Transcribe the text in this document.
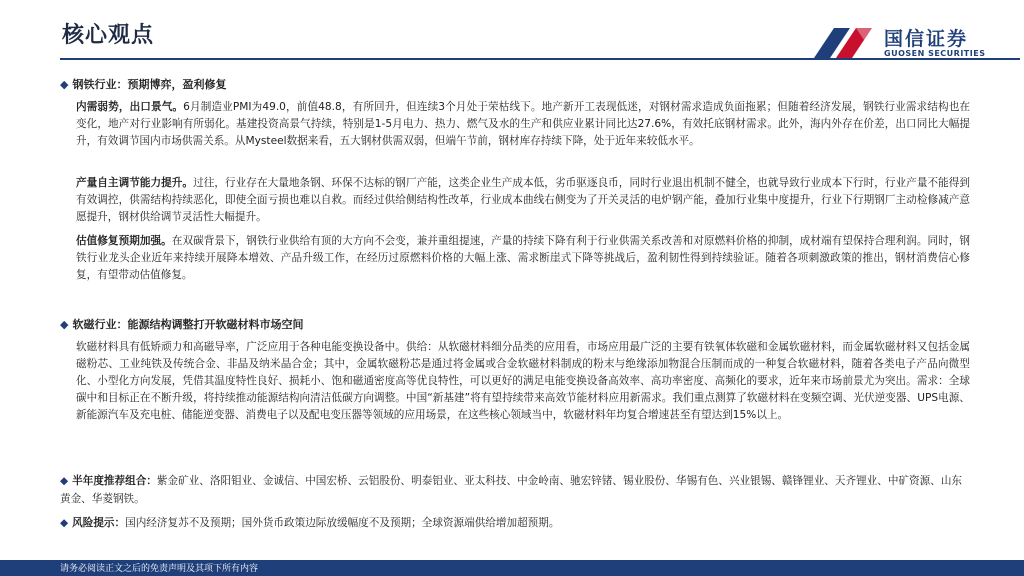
核心观点	国信证券
GUOSEN SECURITIES
◆ 钢铁行业：预期博弈，盈利修复
内需弱势，出口景气。6月制造业PMI为49.0，前值48.8，有所回升，但连续3个月处于荣枯线下。地产新开工表现低迷，对钢材需求造成负面拖累；但随着经济发展，钢铁行业需求结构也在变化，地产对行业影响有所弱化。基建投资高景气持续，特别是1-5月电力、热力、燃气及水的生产和供应业累计同比达27.6%，有效托底钢材需求。此外，海内外存在价差，出口同比大幅提升，有效调节国内市场供需关系。从Mysteel数据来看，五大钢材供需双弱，但端午节前，钢材库存持续下降，处于近年来较低水平。
产量自主调节能力提升。过往，行业存在大量地条钢、环保不达标的钢厂产能，这类企业生产成本低，劣币驱逐良币，同时行业退出机制不健全，也就导致行业成本下行时，行业产量不能得到有效调控，供需结构持续恶化，即使全面亏损也难以自救。而经过供给侧结构性改革，行业成本曲线右侧变为了开关灵活的电炉钢产能，叠加行业集中度提升，行业下行期钢厂主动检修减产意愿提升，钢材供给调节灵活性大幅提升。
估值修复预期加强。在双碳背景下，钢铁行业供给有顶的大方向不会变，兼并重组提速，产量的持续下降有利于行业供需关系改善和对原燃料价格的抑制，成材端有望保持合理利润。同时，钢铁行业龙头企业近年来持续开展降本增效、产品升级工作，在经历过原燃料价格的大幅上涨、需求断崖式下降等挑战后，盈利韧性得到持续验证。随着各项刺激政策的推出，钢材消费信心修复，有望带动估值修复。
◆ 软磁行业：能源结构调整打开软磁材料市场空间
软磁材料具有低矫顽力和高磁导率，广泛应用于各种电能变换设备中。供给：从软磁材料细分品类的应用看，市场应用最广泛的主要有铁氧体软磁和金属软磁材料，而金属软磁材料又包括金属磁粉芯、工业纯铁及传统合金、非晶及纳米晶合金；其中，金属软磁粉芯是通过将金属或合金软磁材料制成的粉末与绝缘添加物混合压制而成的一种复合软磁材料，随着各类电子产品向微型化、小型化方向发展，凭借其温度特性良好、损耗小、饱和磁通密度高等优良特性，可以更好的满足电能变换设备高效率、高功率密度、高频化的要求，近年来市场前景尤为突出。需求：全球碳中和目标正在不断升级，将持续推动能源结构向清洁低碳方向调整。中国“新基建”将有望持续带来高效节能材料应用新需求。我们重点测算了软磁材料在变频空调、光伏逆变器、UPS电源、新能源汽车及充电桩、储能逆变器、消费电子以及配电变压器等领域的应用场景，在这些核心领域当中，软磁材料年均复合增速甚至有望达到15%以上。
◆ 半年度推荐组合：紫金矿业、洛阳钼业、金诚信、中国宏桥、云铝股份、明泰铝业、亚太科技、中金岭南、驰宏锌锗、锡业股份、华锡有色、兴业银锡、赣锋锂业、天齐锂业、中矿资源、山东黄金、华菱钢铁。
◆ 风险提示：国内经济复苏不及预期；国外货币政策边际放缓幅度不及预期；全球资源端供给增加超预期。
请务必阅读正文之后的免责声明及其项下所有内容
